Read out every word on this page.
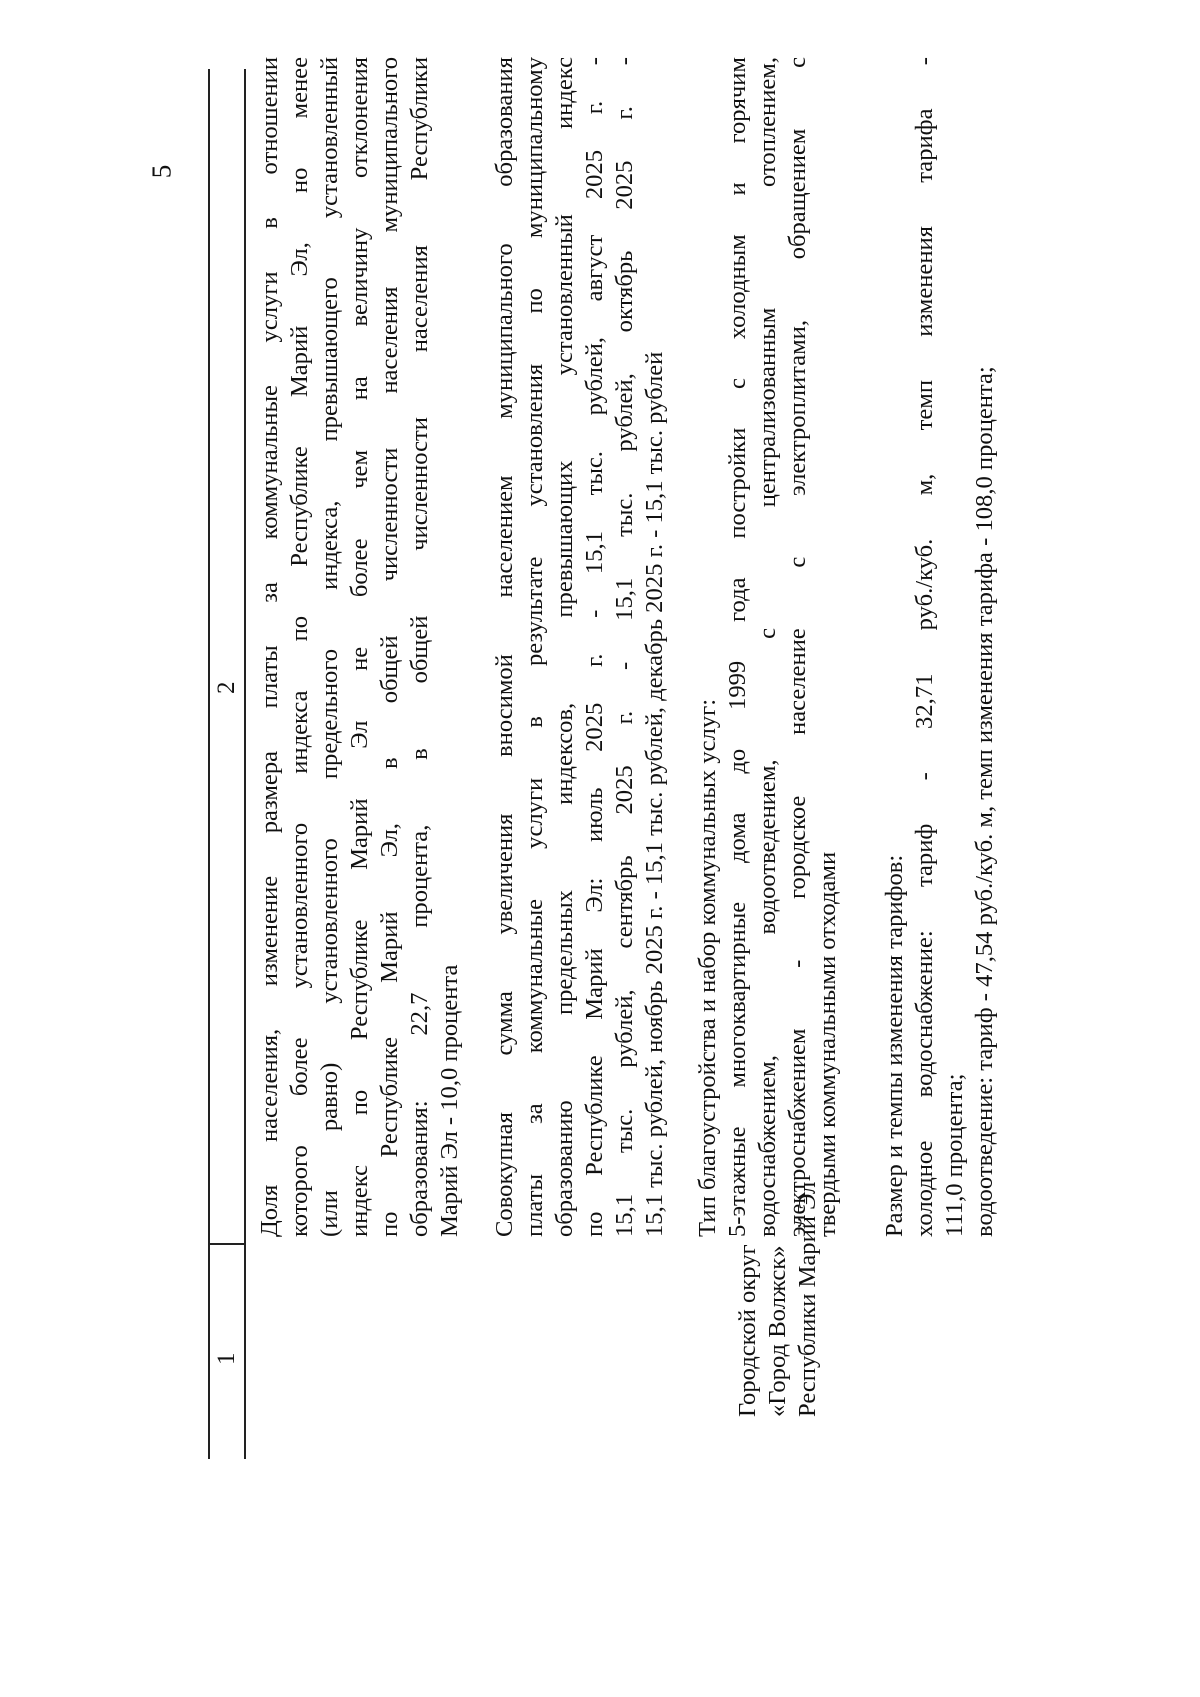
5
1
2
Городской округ «Город Волжск» Республики Марий Эл
Доля населения, изменение размера платы за коммунальные услуги в отношении которого более установленного индекса по Республике Марий Эл, но менее (или равно) установленного предельного индекса, превышающего установленный индекс по Республике Марий Эл не более чем на величину отклонения по Республике Марий Эл, в общей численности населения муниципального образования: 22,7 процента, в общей численности населения Республики Марий Эл - 10,0 процента Совокупная сумма увеличения вносимой населением муниципального образования платы за коммунальные услуги в результате установления по муниципальному образованию предельных индексов, превышающих установленный индекс по Республике Марий Эл: июль 2025 г. - 15,1 тыс. рублей, август 2025 г. - 15,1 тыс. рублей, сентябрь 2025 г. - 15,1 тыс. рублей, октябрь 2025 г. - 15,1 тыс. рублей, ноябрь 2025 г. - 15,1 тыс. рублей, декабрь 2025 г. - 15,1 тыс. рублей Тип благоустройства и набор коммунальных услуг: 5-этажные многоквартирные дома до 1999 года постройки с холодным и горячим водоснабжением, водоотведением, с централизованным отоплением, электроснабжением - городское население с электроплитами, обращением с твердыми коммунальными отходами Размер и темпы изменения тарифов: холодное водоснабжение: тариф - 32,71 руб./куб. м, темп изменения тарифа - 111,0 процента; водоотведение: тариф - 47,54 руб./куб. м, темп изменения тарифа - 108,0 процента;
